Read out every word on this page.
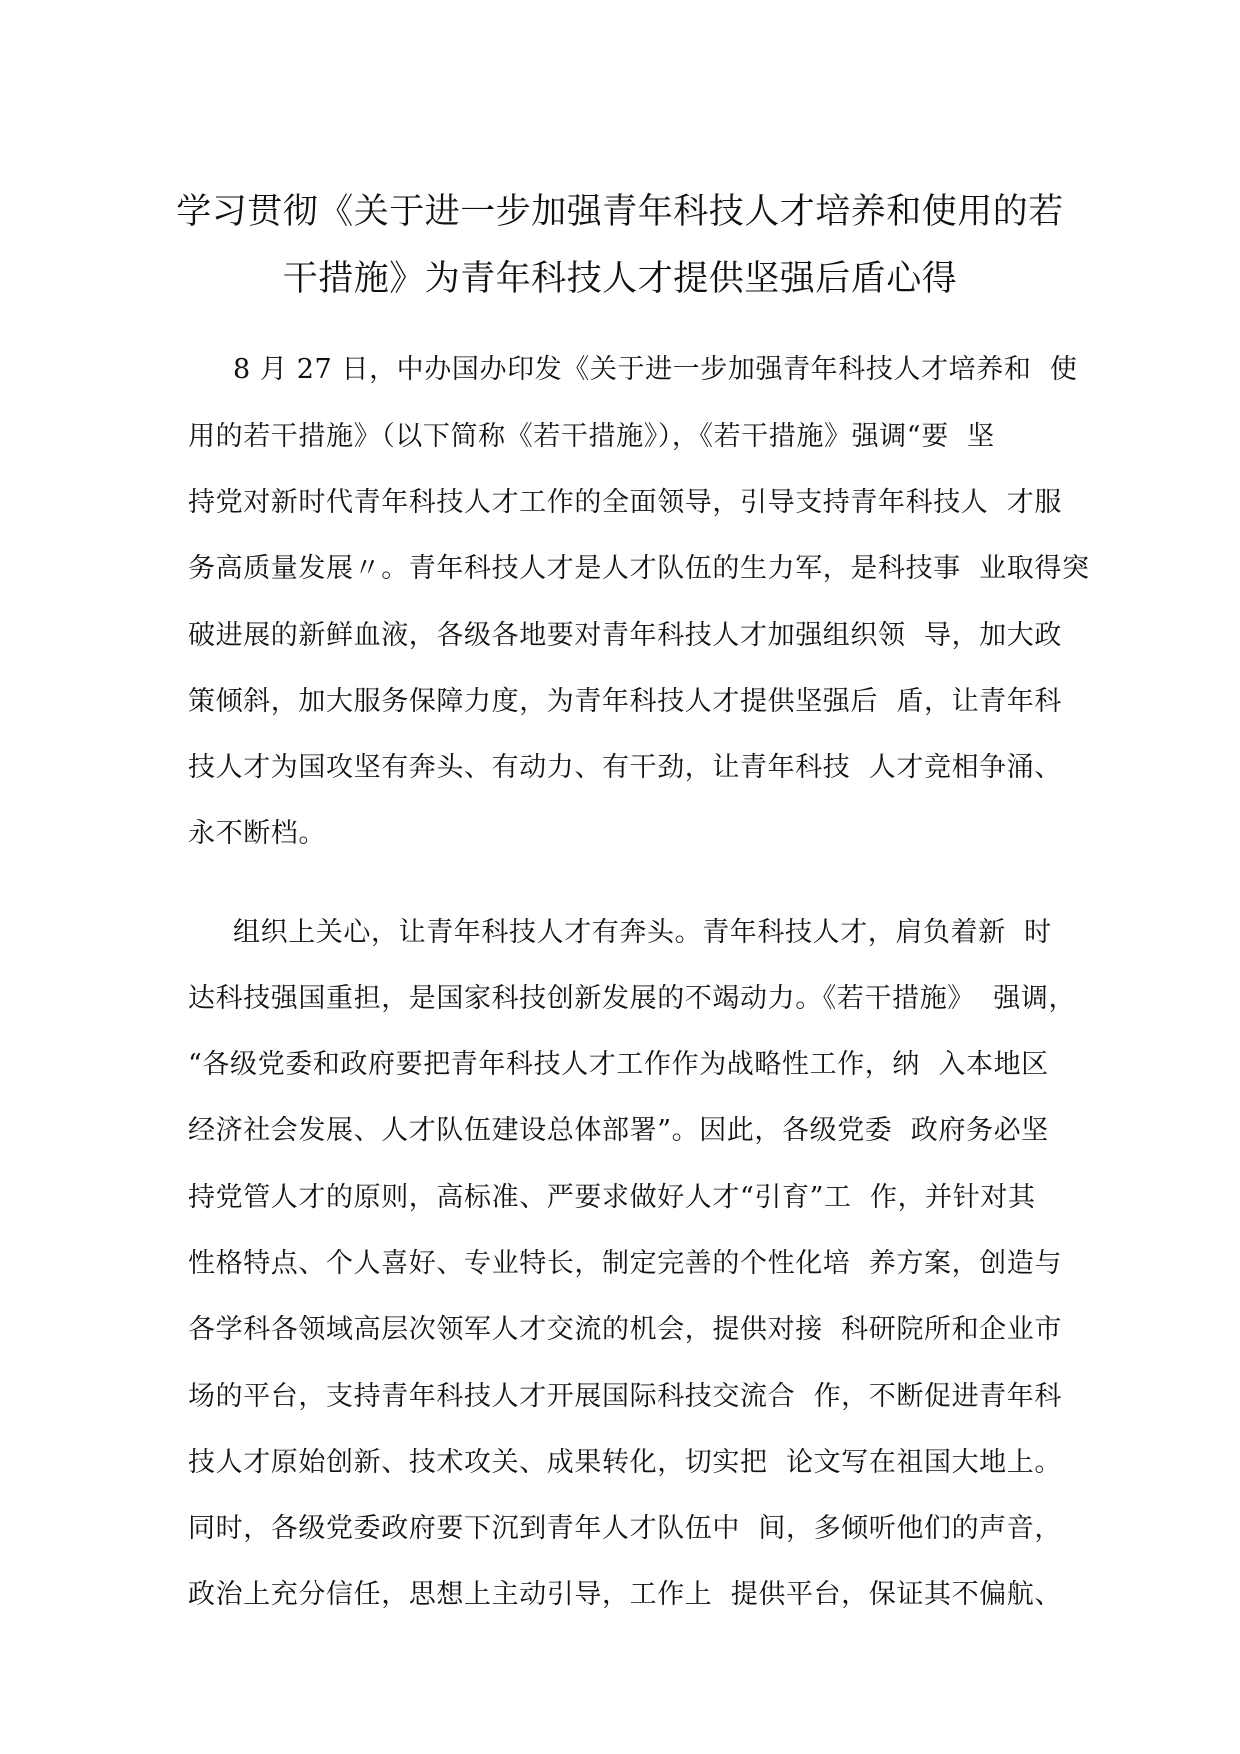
学习贯彻《关于进一步加强青年科技人才培养和使用的若
干措施》为青年科技人才提供坚强后盾心得
8 月 27 日，中办国办印发《关于进一步加强青年科技人才培养和  使
用的若干措施》（以下简称《若干措施》），《若干措施》强调“要  坚
持党对新时代青年科技人才工作的全面领导，引导支持青年科技人  才服
务高质量发展〃。青年科技人才是人才队伍的生力军，是科技事  业取得突
破进展的新鲜血液，各级各地要对青年科技人才加强组织领  导，加大政
策倾斜，加大服务保障力度，为青年科技人才提供坚强后  盾，让青年科
技人才为国攻坚有奔头、有动力、有干劲，让青年科技  人才竞相争涌、
永不断档。
组织上关心，让青年科技人才有奔头。青年科技人才，肩负着新  时
达科技强国重担，是国家科技创新发展的不竭动力。《若干措施》  强调，
“各级党委和政府要把青年科技人才工作作为战略性工作，纳  入本地区
经济社会发展、人才队伍建设总体部署”。因此，各级党委  政府务必坚
持党管人才的原则，高标准、严要求做好人才“引育”工  作，并针对其
性格特点、个人喜好、专业特长，制定完善的个性化培  养方案，创造与
各学科各领域高层次领军人才交流的机会，提供对接  科研院所和企业市
场的平台，支持青年科技人才开展国际科技交流合  作，不断促进青年科
技人才原始创新、技术攻关、成果转化，切实把  论文写在祖国大地上。
同时，各级党委政府要下沉到青年人才队伍中  间，多倾听他们的声音，
政治上充分信任，思想上主动引导，工作上  提供平台，保证其不偏航、
